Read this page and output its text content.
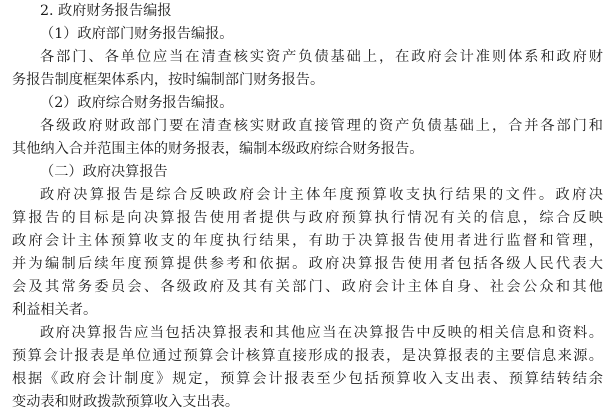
2. 政府财务报告编报
（1）政府部门财务报告编报。
各部门、各单位应当在清查核实资产负债基础上，在政府会计准则体系和政府财
务报告制度框架体系内，按时编制部门财务报告。
（2）政府综合财务报告编报。
各级政府财政部门要在清查核实财政直接管理的资产负债基础上，合并各部门和
其他纳入合并范围主体的财务报表，编制本级政府综合财务报告。
（二）政府决算报告
政府决算报告是综合反映政府会计主体年度预算收支执行结果的文件。政府决
算报告的目标是向决算报告使用者提供与政府预算执行情况有关的信息，综合反映
政府会计主体预算收支的年度执行结果，有助于决算报告使用者进行监督和管理，
并为编制后续年度预算提供参考和依据。政府决算报告使用者包括各级人民代表大
会及其常务委员会、各级政府及其有关部门、政府会计主体自身、社会公众和其他
利益相关者。
政府决算报告应当包括决算报表和其他应当在决算报告中反映的相关信息和资料。
预算会计报表是单位通过预算会计核算直接形成的报表，是决算报表的主要信息来源。
根据《政府会计制度》规定，预算会计报表至少包括预算收入支出表、预算结转结余
变动表和财政拨款预算收入支出表。
